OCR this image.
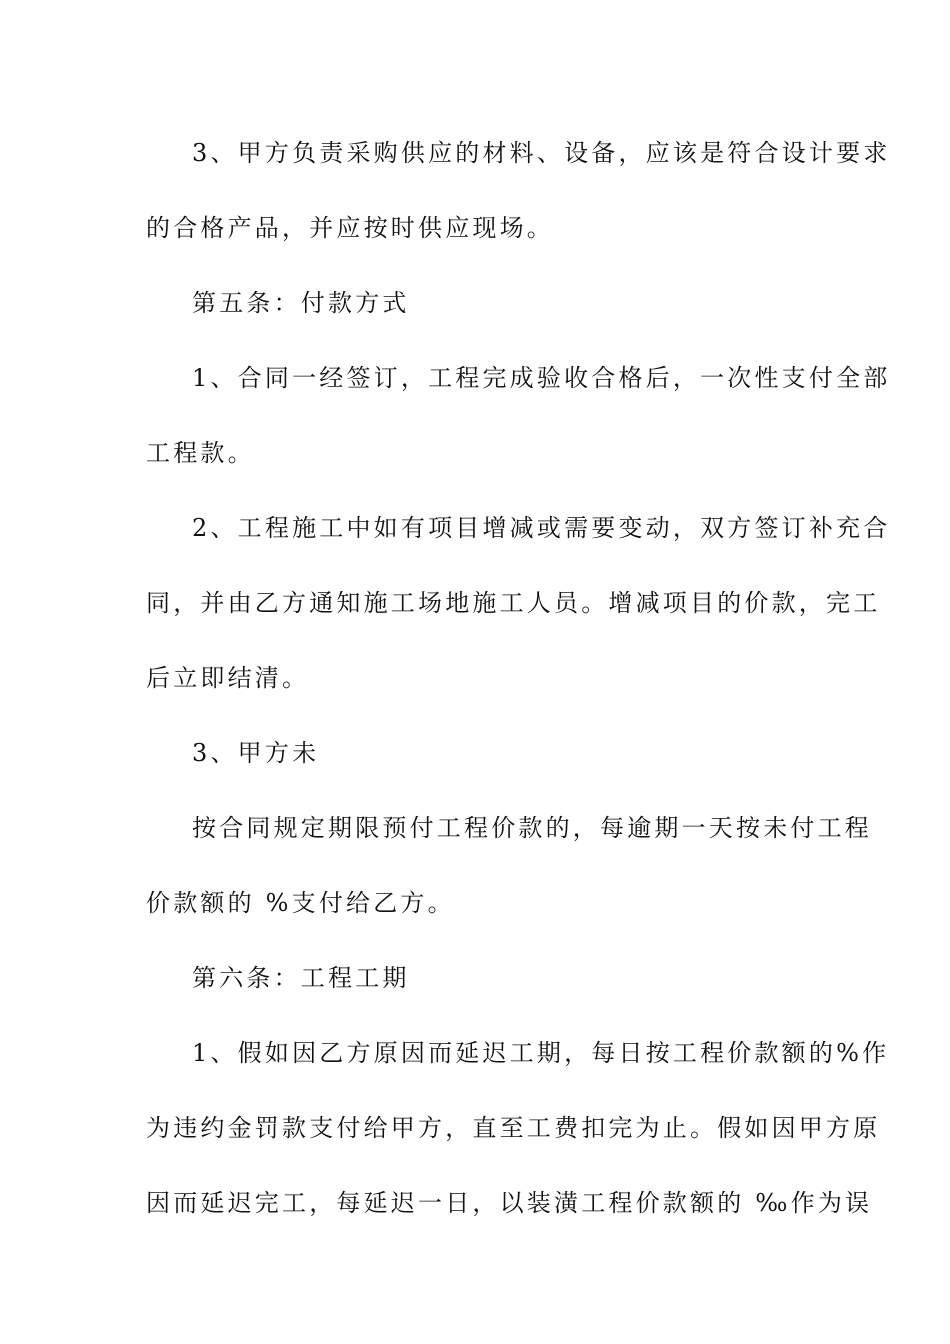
3、甲方负责采购供应的材料、设备，应该是符合设计要求
的合格产品，并应按时供应现场。
第五条：付款方式
1、合同一经签订，工程完成验收合格后，一次性支付全部
工程款。
2、工程施工中如有项目增减或需要变动，双方签订补充合
同，并由乙方通知施工场地施工人员。增减项目的价款，完工
后立即结清。
3、甲方未
按合同规定期限预付工程价款的，每逾期一天按未付工程
价款额的 %支付给乙方。
第六条：工程工期
1、假如因乙方原因而延迟工期，每日按工程价款额的%作
为违约金罚款支付给甲方，直至工费扣完为止。假如因甲方原
因而延迟完工，每延迟一日，以装潢工程价款额的 ‰作为误
